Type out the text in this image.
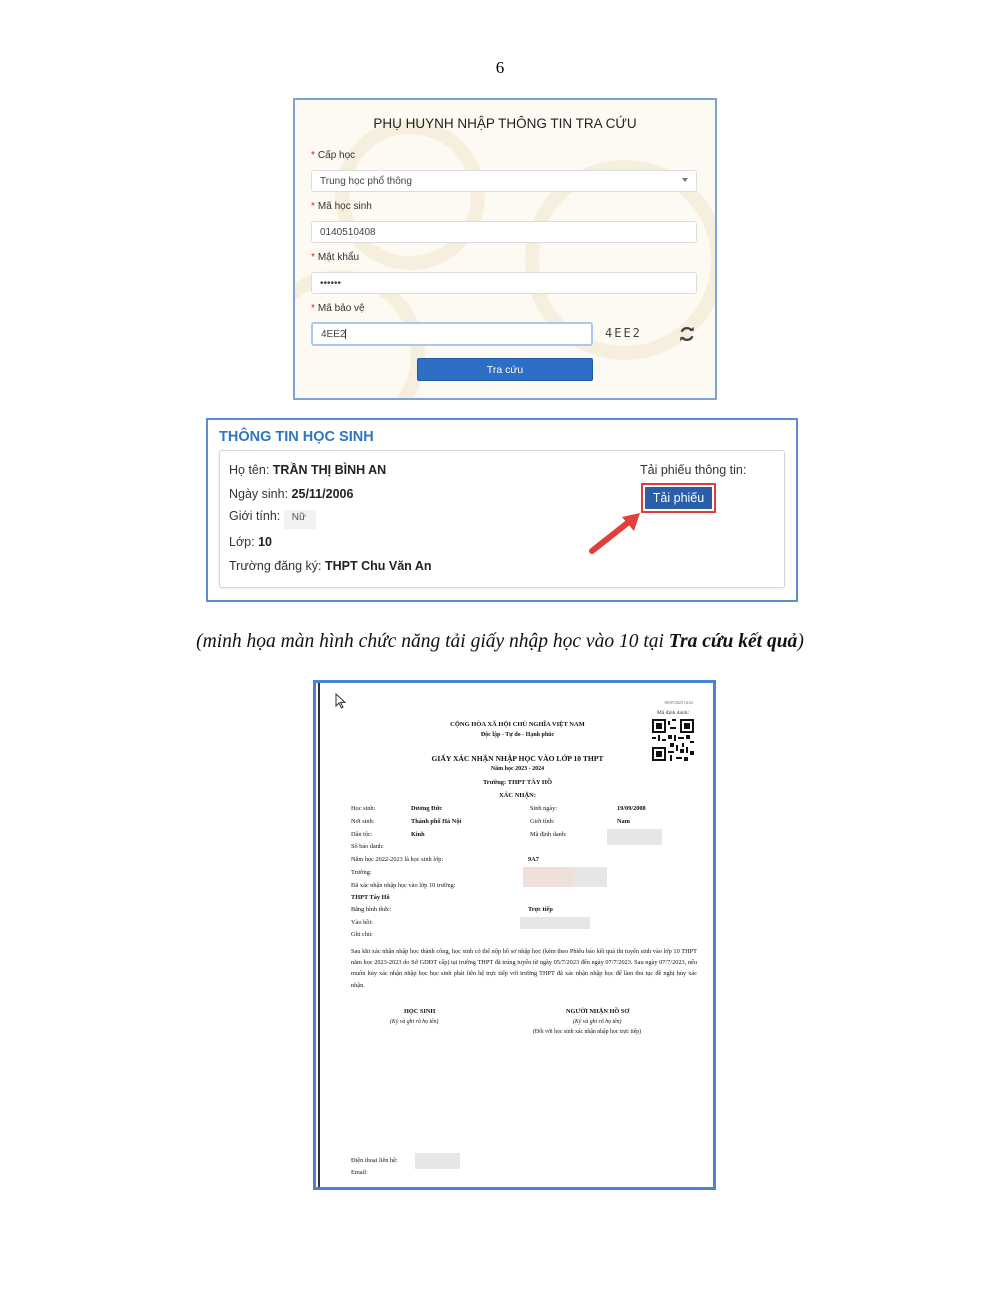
6
PHỤ HUYNH NHẬP THÔNG TIN TRA CỨU
* Cấp học
Trung học phổ thông
* Mã học sinh
0140510408
* Mật khẩu
••••••
* Mã bảo vệ
4EE2	4EE2
Tra cứu
THÔNG TIN HỌC SINH
Họ tên: TRẦN THỊ BÌNH AN
Ngày sinh: 25/11/2006
Giới tính: Nữ
Lớp: 10
Trường đăng ký: THPT Chu Văn An
Tải phiếu thông tin:
Tải phiếu
(minh họa màn hình chức năng tải giấy nhập học vào 10 tại Tra cứu kết quả)
09/07/2023 14:52
Mã định danh:
CỘNG HÒA XÃ HỘI CHỦ NGHĨA VIỆT NAM
Độc lập - Tự do - Hạnh phúc
GIẤY XÁC NHẬN NHẬP HỌC VÀO LỚP 10 THPT
Năm học 2023 - 2024
Trường: THPT TÂY HỒ
XÁC NHẬN:
Học sinh:	Dương Đức	Sinh ngày:	19/09/2008
Nơi sinh:	Thành phố Hà Nội	Giới tính:	Nam
Dân tộc:	Kinh	Mã định danh:
Số báo danh:
Năm học 2022-2023 là học sinh lớp:	9A7
Trường:
Đã xác nhận nhập học vào lớp 10 trường:
THPT Tây Hồ
Bằng hình thức:	Trực tiếp
Vào hồi:
Ghi chú:
Sau khi xác nhận nhập học thành công, học sinh có thể nộp hồ sơ nhập học (kèm theo Phiếu báo kết quả thi tuyển sinh vào lớp 10 THPT năm học 2023-2023 do Sở GDĐT cấp) tại trường THPT đã trúng tuyển từ ngày 05/7/2023 đến ngày 07/7/2023. Sau ngày 07/7/2023, nếu muốn hủy xác nhận nhập học học sinh phải liên hệ trực tiếp với trường THPT đã xác nhận nhập học để làm thủ tục đề nghị hủy xác nhận.
HỌC SINH
(Ký và ghi rõ họ tên)
NGƯỜI NHẬN HỒ SƠ
(Ký và ghi rõ họ tên)
(Đối với học sinh xác nhận nhập học trực tiếp)
Điện thoại liên hệ:
Email:
